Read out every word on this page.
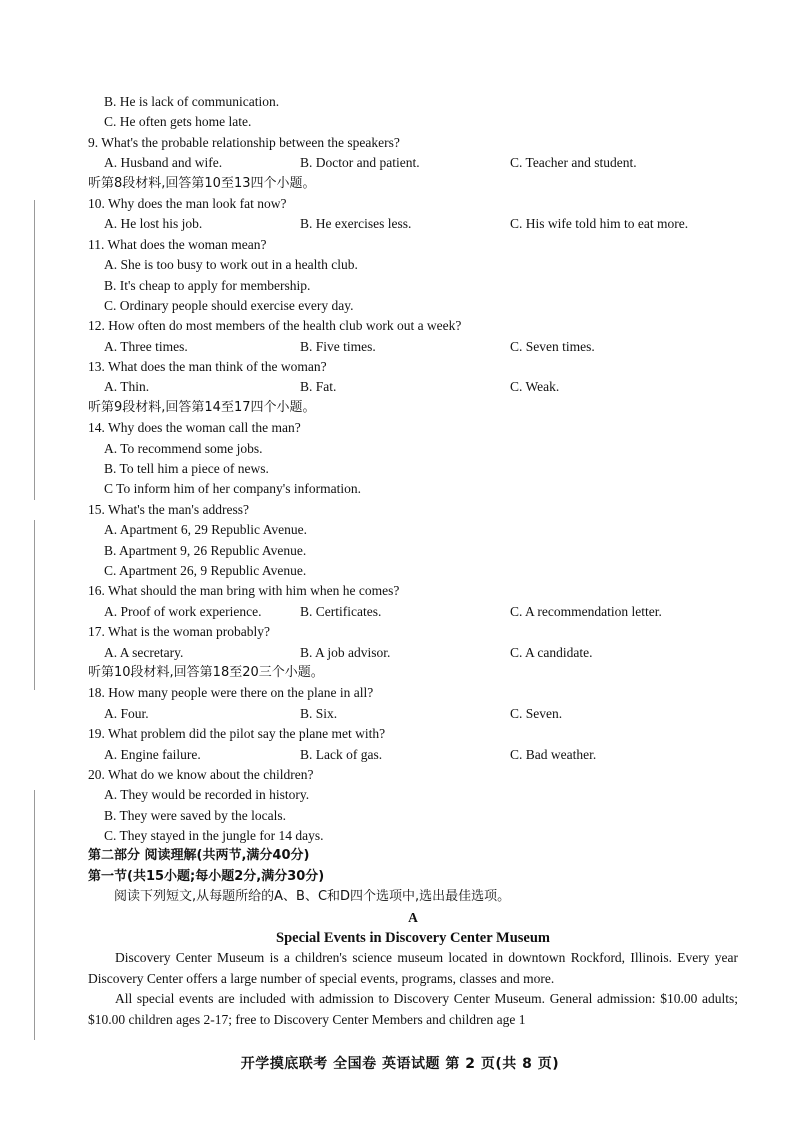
B. He is lack of communication.
C. He often gets home late.
9. What's the probable relationship between the speakers?
A. Husband and wife.	B. Doctor and patient.	C. Teacher and student.
听第8段材料,回答第10至13四个小题。
10. Why does the man look fat now?
A. He lost his job.	B. He exercises less.	C. His wife told him to eat more.
11. What does the woman mean?
A. She is too busy to work out in a health club.
B. It's cheap to apply for membership.
C. Ordinary people should exercise every day.
12. How often do most members of the health club work out a week?
A. Three times.	B. Five times.	C. Seven times.
13. What does the man think of the woman?
A. Thin.	B. Fat.	C. Weak.
听第9段材料,回答第14至17四个小题。
14. Why does the woman call the man?
A. To recommend some jobs.
B. To tell him a piece of news.
C To inform him of her company's information.
15. What's the man's address?
A. Apartment 6, 29 Republic Avenue.
B. Apartment 9, 26 Republic Avenue.
C. Apartment 26, 9 Republic Avenue.
16. What should the man bring with him when he comes?
A. Proof of work experience.	B. Certificates.	C. A recommendation letter.
17. What is the woman probably?
A. A secretary.	B. A job advisor.	C. A candidate.
听第10段材料,回答第18至20三个小题。
18. How many people were there on the plane in all?
A. Four.	B. Six.	C. Seven.
19. What problem did the pilot say the plane met with?
A. Engine failure.	B. Lack of gas.	C. Bad weather.
20. What do we know about the children?
A. They would be recorded in history.
B. They were saved by the locals.
C. They stayed in the jungle for 14 days.
第二部分 阅读理解(共两节,满分40分)
第一节(共15小题;每小题2分,满分30分)
阅读下列短文,从每题所给的A、B、C和D四个选项中,选出最佳选项。
A
Special Events in Discovery Center Museum
Discovery Center Museum is a children's science museum located in downtown Rockford, Illinois. Every year Discovery Center offers a large number of special events, programs, classes and more.
All special events are included with admission to Discovery Center Museum. General admission: $10.00 adults; $10.00 children ages 2-17; free to Discovery Center Members and children age 1
开学摸底联考 全国卷 英语试题 第 2 页(共 8 页)
